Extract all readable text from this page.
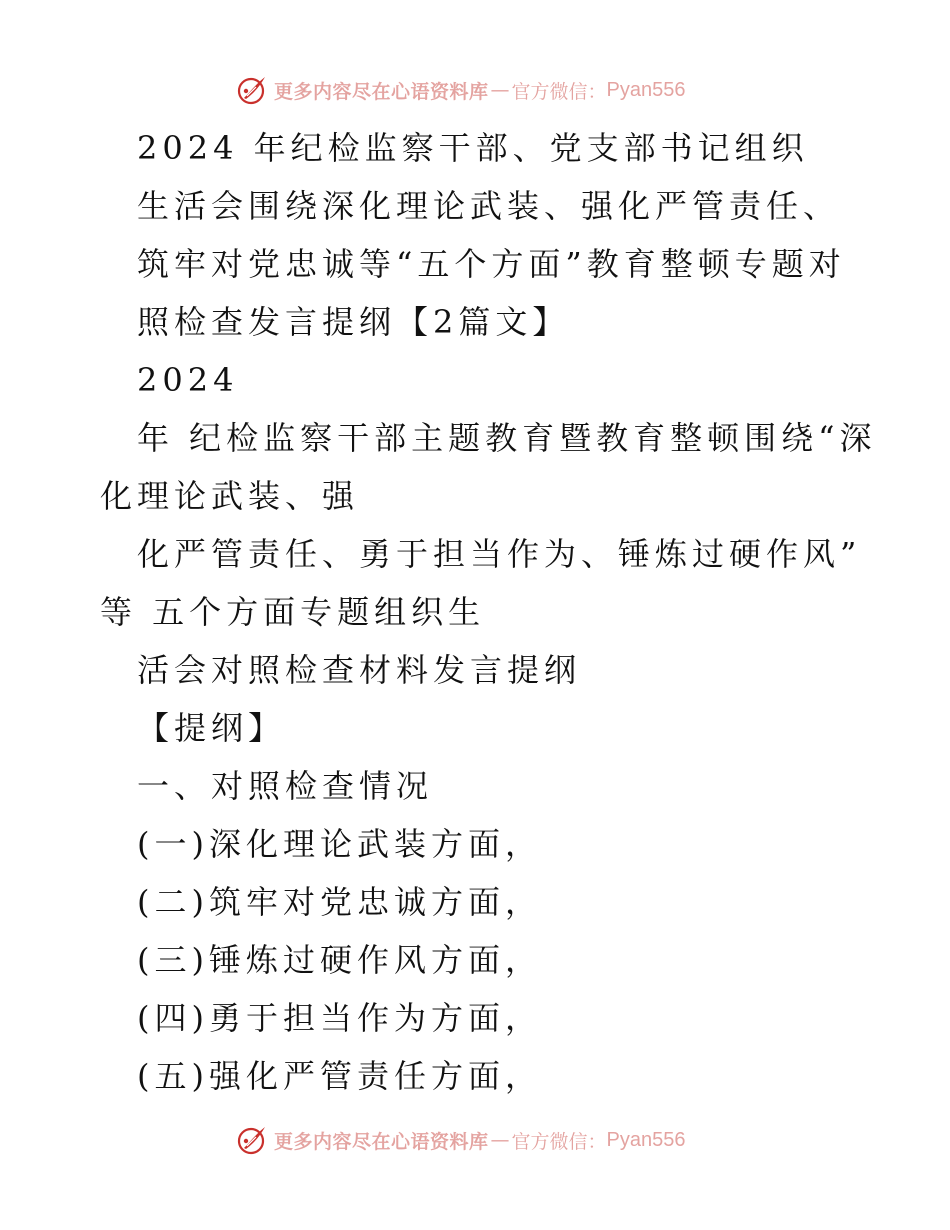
更多内容尽在心语资料库 — 官方微信： Pyan556
2024 年纪检监察干部、党支部书记组织
生活会围绕深化理论武装、强化严管责任、
筑牢对党忠诚等“五个方面”教育整顿专题对
照检查发言提纲【2篇文】
2024
年 纪检监察干部主题教育暨教育整顿围绕“深
化理论武装、强
化严管责任、勇于担当作为、锤炼过硬作风”
等 五个方面专题组织生
活会对照检查材料发言提纲
【提纲】
一、对照检查情况
(一)深化理论武装方面，
(二)筑牢对党忠诚方面，
(三)锤炼过硬作风方面，
(四)勇于担当作为方面，
(五)强化严管责任方面，
更多内容尽在心语资料库 — 官方微信： Pyan556
